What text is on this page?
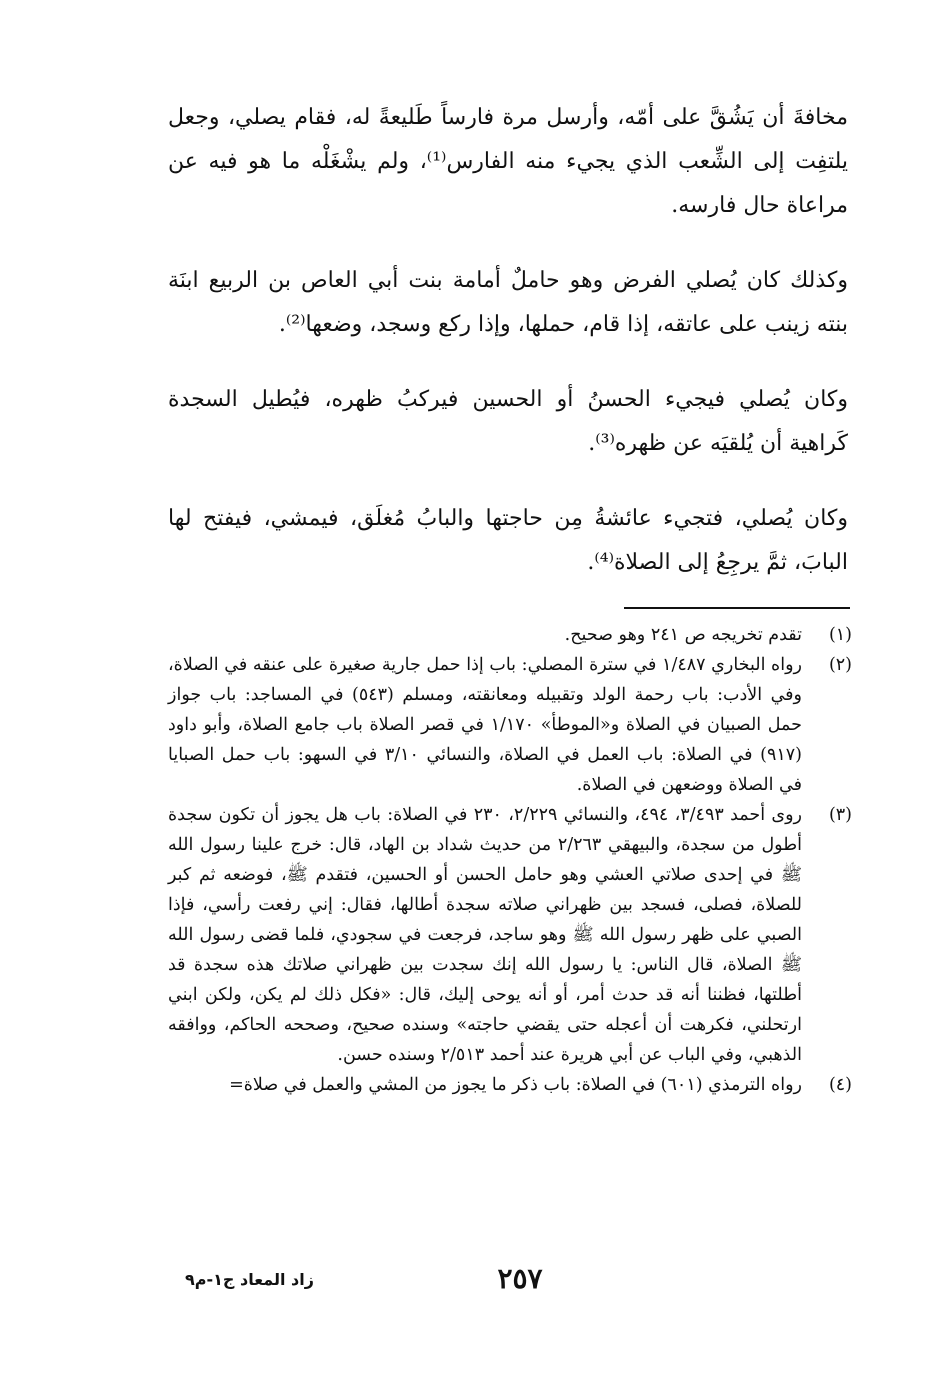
مخافةَ أن يَشُقَّ على أمّه، وأرسل مرة فارساً طَليعةً له، فقام يصلي، وجعل يلتفِت إلى الشِّعب الذي يجيء منه الفارس⁽¹⁾، ولم يشْغَلْه ما هو فيه عن مراعاة حال فارسه.

وكذلك كان يُصلي الفرض وهو حاملٌ أمامة بنت أبي العاص بن الربيع ابنَة بنته زينب على عاتقه، إذا قام، حملها، وإذا ركع وسجد، وضعها⁽²⁾.

وكان يُصلي فيجيء الحسنُ أو الحسين فيركبُ ظهره، فيُطيل السجدة كَراهية أن يُلقيَه عن ظهره⁽³⁾.

وكان يُصلي، فتجيء عائشةُ مِن حاجتها والبابُ مُغلَق، فيمشي، فيفتح لها البابَ، ثمَّ يرجِعُ إلى الصلاة⁽⁴⁾.

(١)
تقدم تخريجه ص ٢٤١ وهو صحيح.
(٢)
رواه البخاري ١/٤٨٧ في سترة المصلي: باب إذا حمل جارية صغيرة على عنقه في الصلاة، وفي الأدب: باب رحمة الولد وتقبيله ومعانقته، ومسلم (٥٤٣) في المساجد: باب جواز حمل الصبيان في الصلاة و«الموطأ» ١/١٧٠ في قصر الصلاة باب جامع الصلاة، وأبو داود (٩١٧) في الصلاة: باب العمل في الصلاة، والنسائي ٣/١٠ في السهو: باب حمل الصبايا في الصلاة ووضعهن في الصلاة.
(٣)
روى أحمد ٣/٤٩٣، ٤٩٤، والنسائي ٢/٢٢٩، ٢٣٠ في الصلاة: باب هل يجوز أن تكون سجدة أطول من سجدة، والبيهقي ٢/٢٦٣ من حديث شداد بن الهاد، قال: خرج علينا رسول الله ﷺ في إحدى صلاتي العشي وهو حامل الحسن أو الحسين، فتقدم ﷺ، فوضعه ثم كبر للصلاة، فصلى، فسجد بين ظهراني صلاته سجدة أطالها، فقال: إني رفعت رأسي، فإذا الصبي على ظهر رسول الله ﷺ وهو ساجد، فرجعت في سجودي، فلما قضى رسول الله ﷺ الصلاة، قال الناس: يا رسول الله إنك سجدت بين ظهراني صلاتك هذه سجدة قد أطلتها، فظننا أنه قد حدث أمر، أو أنه يوحى إليك، قال: «فكل ذلك لم يكن، ولكن ابني ارتحلني، فكرهت أن أعجله حتى يقضي حاجته» وسنده صحيح، وصححه الحاكم، ووافقه الذهبي، وفي الباب عن أبي هريرة عند أحمد ٢/٥١٣ وسنده حسن.
(٤)
رواه الترمذي (٦٠١) في الصلاة: باب ذكر ما يجوز من المشي والعمل في صلاة=
٢٥٧
زاد المعاد ج١-م٩
